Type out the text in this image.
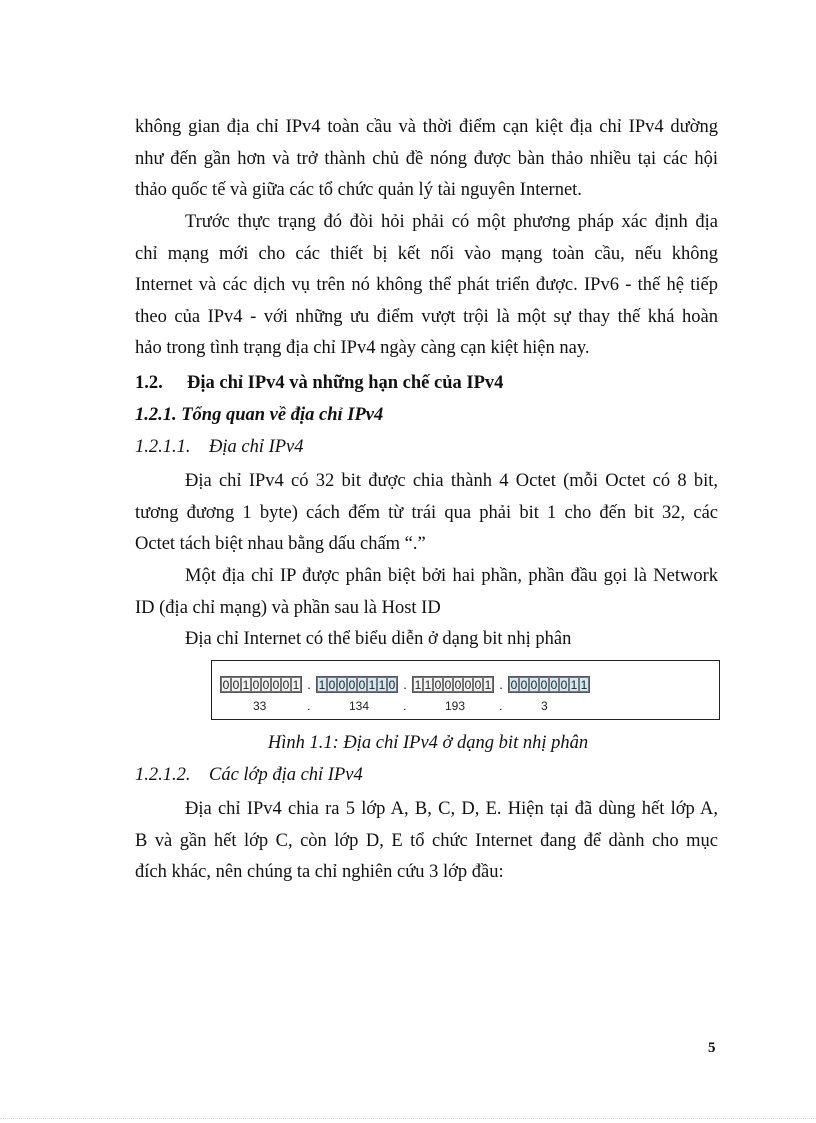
không gian địa chỉ IPv4 toàn cầu và thời điểm cạn kiệt địa chỉ IPv4 dường
như đến gần hơn và trở thành chủ đề nóng được bàn thảo nhiều tại các hội
thảo quốc tế và giữa các tổ chức quản lý tài nguyên Internet.
Trước thực trạng đó đòi hỏi phải có một phương pháp xác định địa
chỉ mạng mới cho các thiết bị kết nối vào mạng toàn cầu, nếu không
Internet và các dịch vụ trên nó không thể phát triển được. IPv6 - thế hệ tiếp
theo của IPv4 - với những ưu điểm vượt trội là một sự thay thế khá hoàn
hảo trong tình trạng địa chỉ IPv4 ngày càng cạn kiệt hiện nay.
1.2. Địa chỉ IPv4 và những hạn chế của IPv4
1.2.1. Tổng quan về địa chỉ IPv4
1.2.1.1. Địa chỉ IPv4
Địa chỉ IPv4 có 32 bit được chia thành 4 Octet (mỗi Octet có 8 bit,
tương đương 1 byte) cách đếm từ trái qua phải bit 1 cho đến bit 32, các
Octet tách biệt nhau bằng dấu chấm “.”
Một địa chỉ IP được phân biệt bởi hai phần, phần đầu gọi là Network
ID (địa chỉ mạng) và phần sau là Host ID
Địa chỉ Internet có thể biểu diễn ở dạng bit nhị phân
0 0 1 0 0 0 0 1 . 1 0 0 0 0 1 1 0 . 1 1 0 0 0 0 0 1 . 0 0 0 0 0 0 1 1
33	.	134	.	193	.	3
Hình 1.1: Địa chỉ IPv4 ở dạng bit nhị phân
1.2.1.2. Các lớp địa chỉ IPv4
Địa chỉ IPv4 chia ra 5 lớp A, B, C, D, E. Hiện tại đã dùng hết lớp A,
B và gần hết lớp C, còn lớp D, E tổ chức Internet đang để dành cho mục
đích khác, nên chúng ta chỉ nghiên cứu 3 lớp đầu:
5
